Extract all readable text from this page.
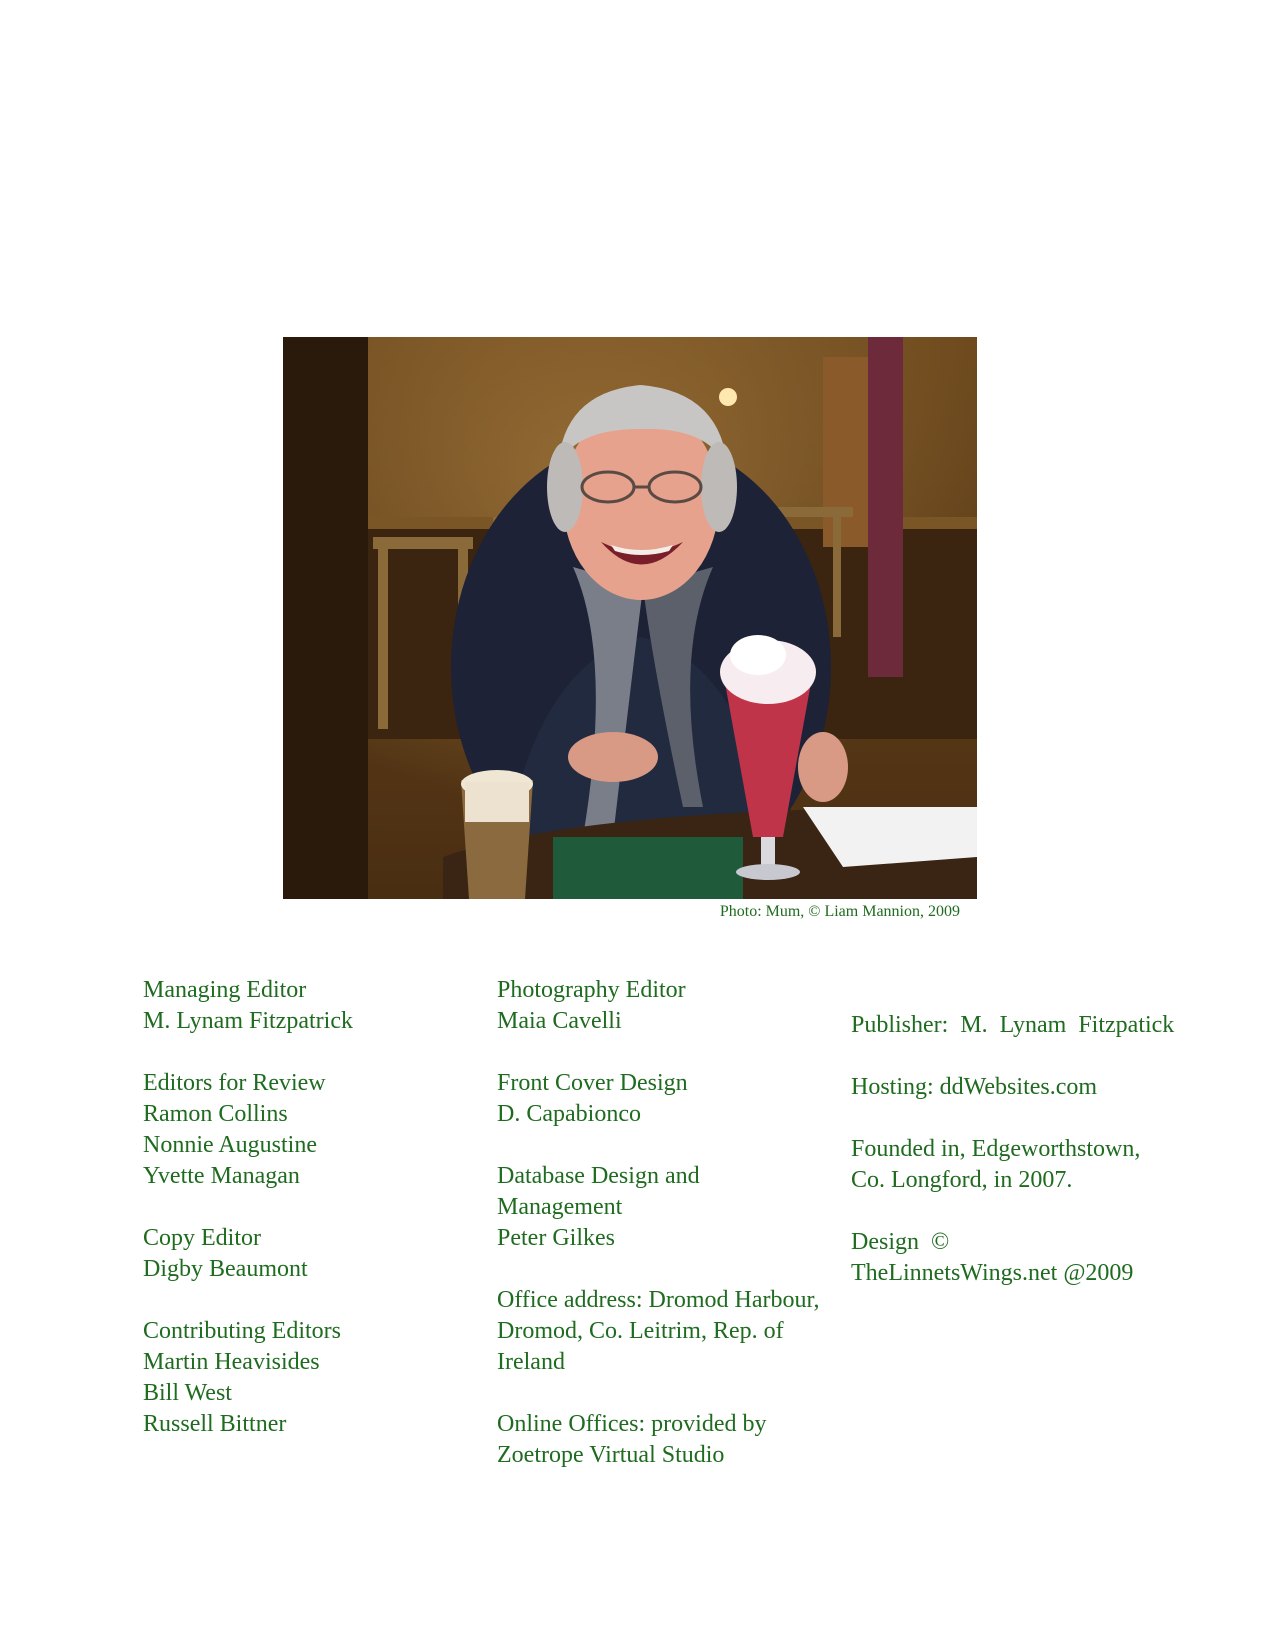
Photo: Mum, © Liam Mannion, 2009
Managing Editor
M. Lynam Fitzpatrick
Editors for Review
Ramon Collins
Nonnie Augustine
Yvette Managan
Copy Editor
Digby Beaumont
Contributing Editors
Martin Heavisides
Bill West
Russell Bittner
Photography Editor
Maia Cavelli
Front Cover Design
D. Capabionco
Database Design and Management
Peter Gilkes
Office address: Dromod Harbour, Dromod, Co. Leitrim, Rep. of Ireland
Online Offices: provided by Zoetrope Virtual Studio
Publisher:  M.  Lynam  Fitzpatick
Hosting: ddWebsites.com
Founded in, Edgeworthstown, Co. Longford, in 2007.
Design  ©  TheLinnetsWings.net @2009
